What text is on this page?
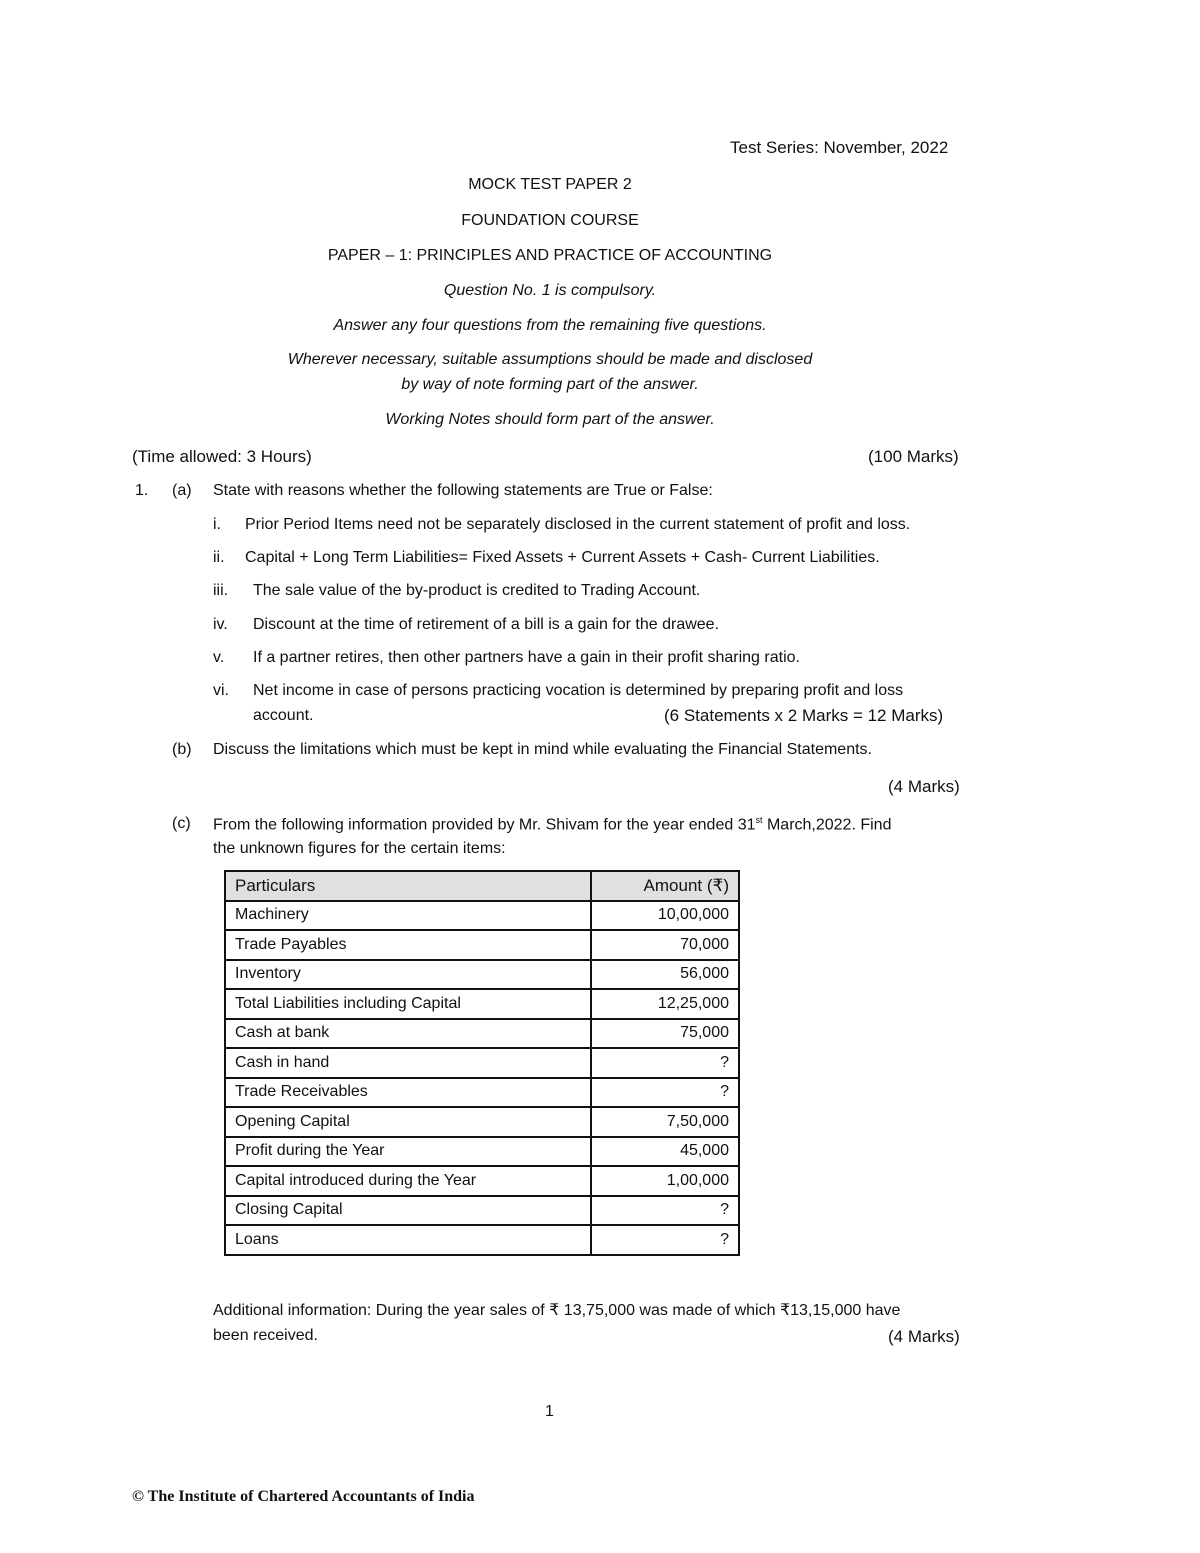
Test Series: November, 2022
MOCK TEST PAPER 2
FOUNDATION COURSE
PAPER – 1: PRINCIPLES AND PRACTICE OF ACCOUNTING
Question No. 1 is compulsory.
Answer any four questions from the remaining five questions.
Wherever necessary, suitable assumptions should be made and disclosed
by way of note forming part of the answer.
Working Notes should form part of the answer.
(Time allowed: 3 Hours)	(100 Marks)
1. (a) State with reasons whether the following statements are True or False:
i. Prior Period Items need not be separately disclosed in the current statement of profit and loss.
ii. Capital + Long Term Liabilities= Fixed Assets + Current Assets + Cash- Current Liabilities.
iii. The sale value of the by-product is credited to Trading Account.
iv. Discount at the time of retirement of a bill is a gain for the drawee.
v. If a partner retires, then other partners have a gain in their profit sharing ratio.
vi. Net income in case of persons practicing vocation is determined by preparing profit and loss
account.	(6 Statements x 2 Marks = 12 Marks)
(b) Discuss the limitations which must be kept in mind while evaluating the Financial Statements.
(4 Marks)
(c) From the following information provided by Mr. Shivam for the year ended 31st March,2022. Find
the unknown figures for the certain items:
Particulars	Amount (₹)
Machinery	10,00,000
Trade Payables	70,000
Inventory	56,000
Total Liabilities including Capital	12,25,000
Cash at bank	75,000
Cash in hand	?
Trade Receivables	?
Opening Capital	7,50,000
Profit during the Year	45,000
Capital introduced during the Year	1,00,000
Closing Capital	?
Loans	?
Additional information: During the year sales of ₹ 13,75,000 was made of which ₹13,15,000 have
been received.	(4 Marks)
1
© The Institute of Chartered Accountants of India
